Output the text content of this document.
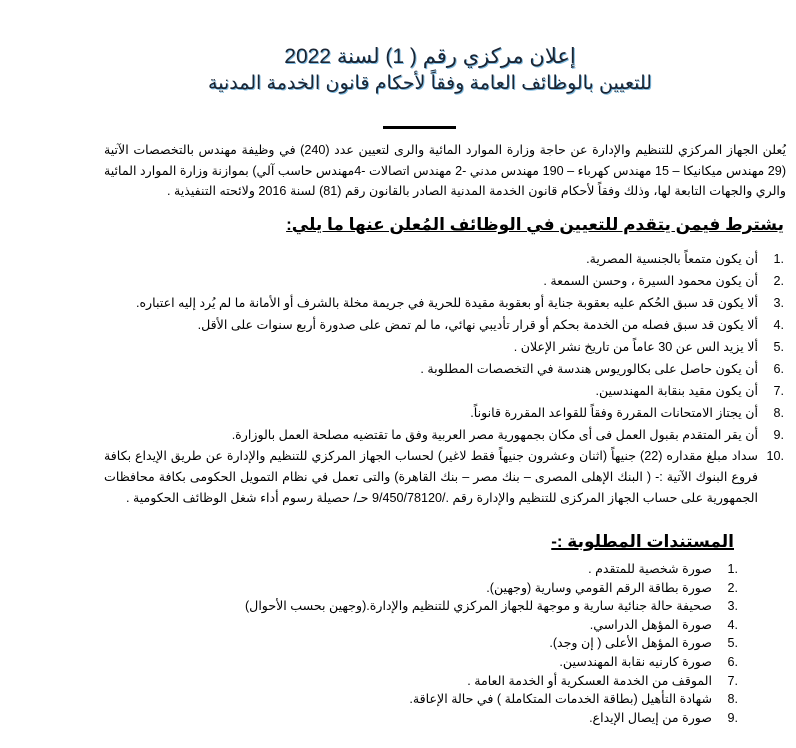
إعلان مركزي رقم ( 1) لسنة 2022
للتعيين بالوظائف العامة وفقاً لأحكام قانون الخدمة المدنية
يُعلن الجهاز المركزي للتنظيم والإدارة عن حاجة وزارة الموارد المائية والرى لتعيين عدد (240) في وظيفة مهندس بالتخصصات الآتية (29 مهندس ميكانيكا – 15 مهندس كهرباء – 190 مهندس مدني -2 مهندس اتصالات -4مهندس حاسب آلي) بموازنة وزارة الموارد المائية والري والجهات التابعة لها، وذلك وفقاً لأحكام قانون الخدمة المدنية الصادر بالقانون رقم (81) لسنة 2016 ولائحته التنفيذية .
يشترط فيمن يتقدم للتعيين في الوظائف المُعلن عنها ما يلي:
1.
أن يكون متمعاً بالجنسية المصرية.
2.
أن يكون محمود السيرة ، وحسن السمعة .
3.
ألا يكون قد سبق الحُكم عليه بعقوبة جناية أو بعقوبة مقيدة للحرية في جريمة مخلة بالشرف أو الأمانة ما لم يُرد إليه اعتباره.
4.
ألا يكون قد سبق فصله من الخدمة بحكم أو قرار تأديبي نهائي، ما لم تمض على صدورة أربع سنوات على الأقل.
5.
ألا يزيد الس عن 30 عاماً من تاريخ نشر الإعلان .
6.
أن يكون حاصل على بكالوريوس هندسة في التخصصات المطلوبة .
7.
أن يكون مقيد بنقابة المهندسين.
8.
أن يجتاز الامتحانات المقررة وفقاً للقواعد المقررة قانوناً.
9.
أن يقر المتقدم بقبول العمل فى أى مكان بجمهورية مصر العربية وفق ما تقتضيه مصلحة العمل بالوزارة.
10.
سداد مبلغ مقداره (22) جنيهاً (اثنان وعشرون جنيهاً فقط لاغير) لحساب الجهاز المركزي للتنظيم والإدارة عن طريق الإيداع بكافة فروع البنوك الآتية :- ( البنك الإهلى المصرى – بنك مصر – بنك القاهرة) والتى تعمل في نظام التمويل الحكومى بكافة محافظات الجمهورية على حساب الجهاز المركزى للتنظيم والإدارة رقم ./9/450/78120 حـ/ حصيلة رسوم أداء شغل الوظائف الحكومية .
المستندات المطلوبة :-
1.
صورة شخصية للمتقدم .
2.
صورة بطاقة الرقم القومي وسارية (وجهين).
3.
صحيفة حالة جنائية سارية و موجهة للجهاز المركزي للتنظيم والإدارة.(وجهين بحسب الأحوال)
4.
صورة المؤهل الدراسي.
5.
صورة المؤهل الأعلى ( إن وجد).
6.
صورة كارنيه نقابة المهندسين.
7.
الموقف من الخدمة العسكرية أو الخدمة العامة .
8.
شهادة التأهيل (بطاقة الخدمات المتكاملة ) في حالة الإعاقة.
9.
صورة من إيصال الإيداع.
